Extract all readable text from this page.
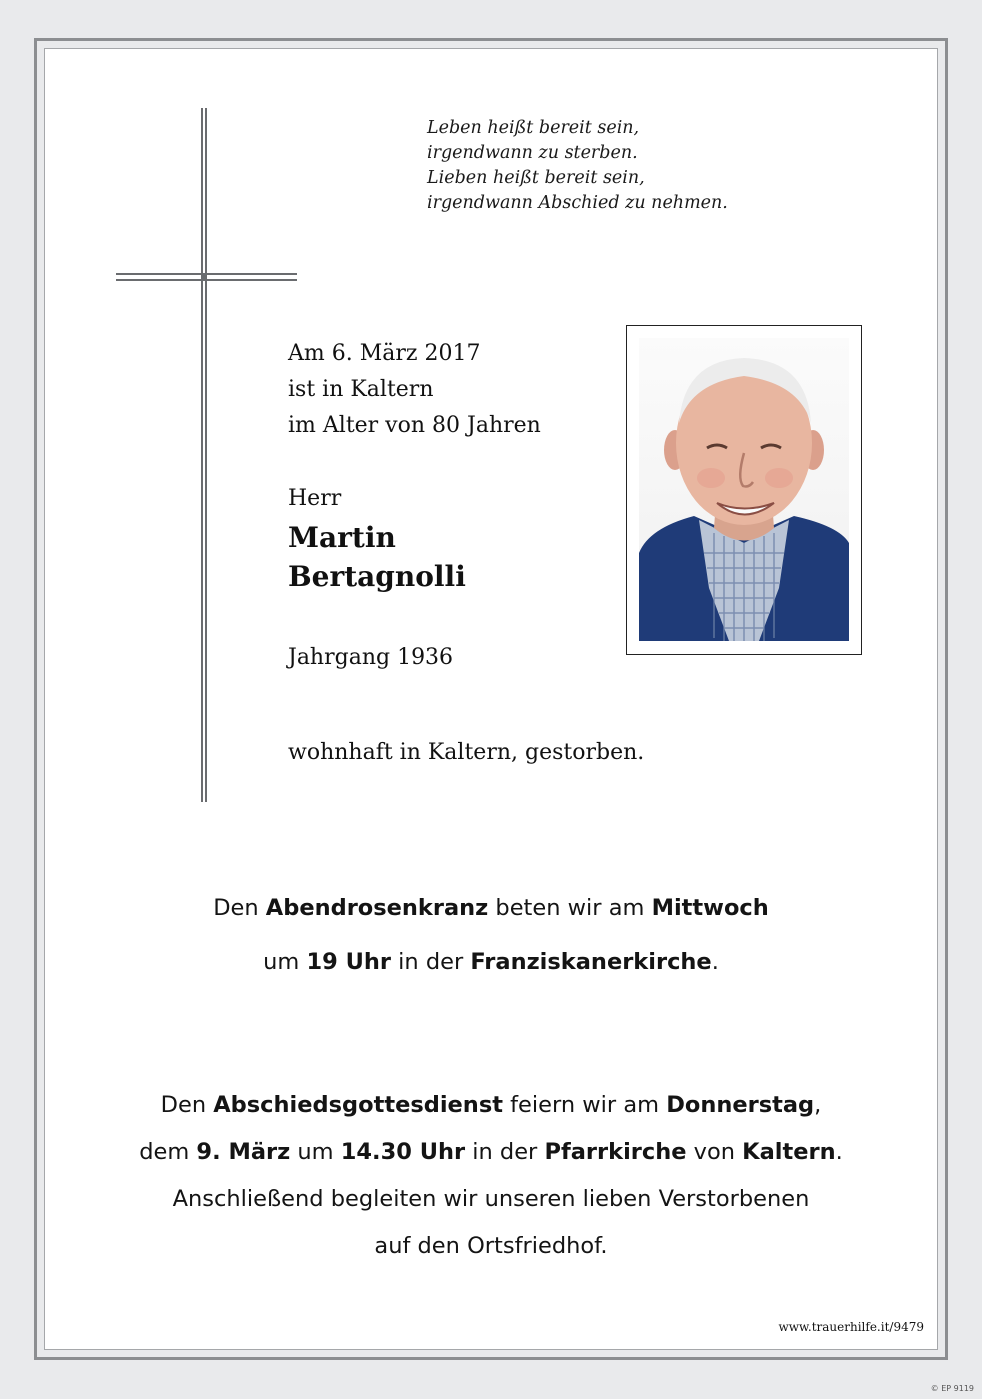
Leben heißt bereit sein,
irgendwann zu sterben.
Lieben heißt bereit sein,
irgendwann Abschied zu nehmen.
Am 6. März 2017
ist in Kaltern
im Alter von 80 Jahren
Herr
Martin
Bertagnolli
Jahrgang 1936
wohnhaft in Kaltern, gestorben.
Den Abendrosenkranz beten wir am Mittwoch
um 19 Uhr in der Franziskanerkirche.
Den Abschiedsgottesdienst feiern wir am Donnerstag,
dem 9. März um 14.30 Uhr in der Pfarrkirche von Kaltern.
Anschließend begleiten wir unseren lieben Verstorbenen
auf den Ortsfriedhof.
www.trauerhilfe.it/9479
© EP 9119
